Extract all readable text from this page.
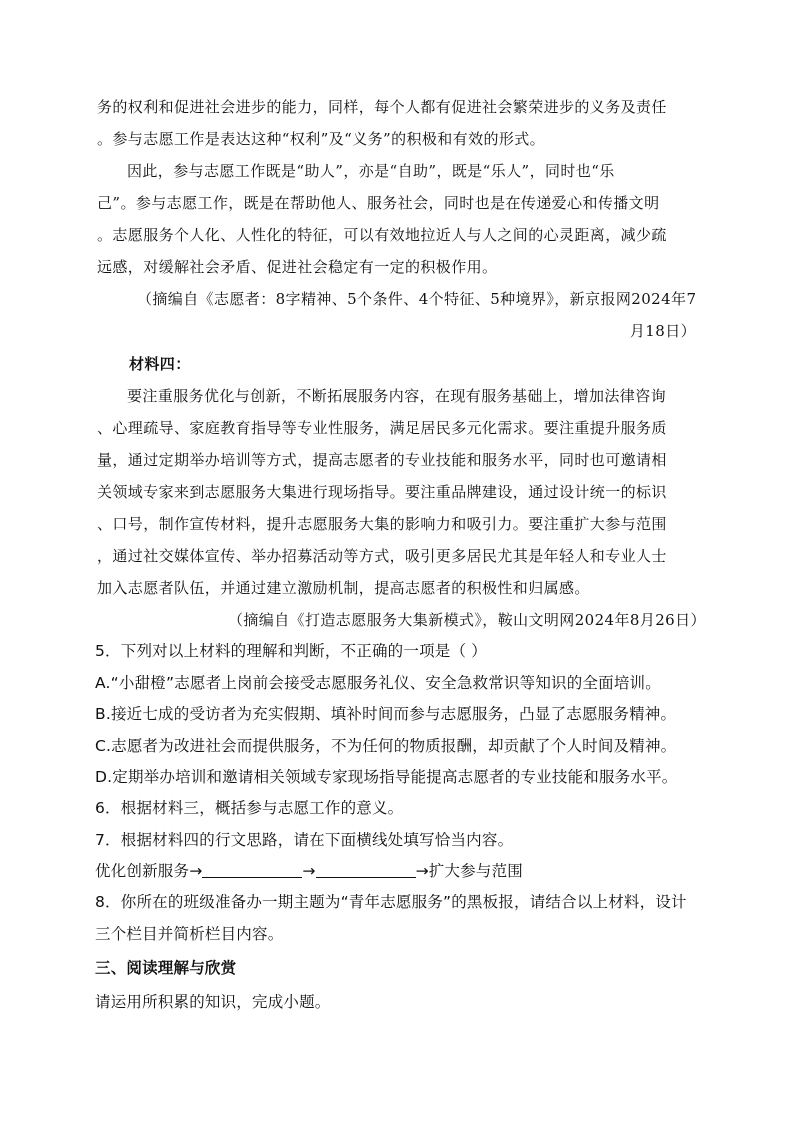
务的权利和促进社会进步的能力，同样，每个人都有促进社会繁荣进步的义务及责任
。参与志愿工作是表达这种“权利”及“义务”的积极和有效的形式。
因此，参与志愿工作既是“助人”，亦是“自助”，既是“乐人”，同时也“乐
己”。参与志愿工作，既是在帮助他人、服务社会，同时也是在传递爱心和传播文明
。志愿服务个人化、人性化的特征，可以有效地拉近人与人之间的心灵距离，减少疏
远感，对缓解社会矛盾、促进社会稳定有一定的积极作用。
（摘编自《志愿者：8字精神、5个条件、4个特征、5种境界》，新京报网2024年7
月18日）
材料四：
要注重服务优化与创新，不断拓展服务内容，在现有服务基础上，增加法律咨询
、心理疏导、家庭教育指导等专业性服务，满足居民多元化需求。要注重提升服务质
量，通过定期举办培训等方式，提高志愿者的专业技能和服务水平，同时也可邀请相
关领域专家来到志愿服务大集进行现场指导。要注重品牌建设，通过设计统一的标识
、口号，制作宣传材料，提升志愿服务大集的影响力和吸引力。要注重扩大参与范围
，通过社交媒体宣传、举办招募活动等方式，吸引更多居民尤其是年轻人和专业人士
加入志愿者队伍，并通过建立激励机制，提高志愿者的积极性和归属感。
（摘编自《打造志愿服务大集新模式》，鞍山文明网2024年8月26日）
5．下列对以上材料的理解和判断，不正确的一项是（ ）
A.“小甜橙”志愿者上岗前会接受志愿服务礼仪、安全急救常识等知识的全面培训。
B.接近七成的受访者为充实假期、填补时间而参与志愿服务，凸显了志愿服务精神。
C.志愿者为改进社会而提供服务，不为任何的物质报酬，却贡献了个人时间及精神。
D.定期举办培训和邀请相关领域专家现场指导能提高志愿者的专业技能和服务水平。
6．根据材料三，概括参与志愿工作的意义。
7．根据材料四的行文思路，请在下面横线处填写恰当内容。
优化创新服务→	→	→扩大参与范围
8．你所在的班级准备办一期主题为“青年志愿服务”的黑板报，请结合以上材料，设计
三个栏目并简析栏目内容。
三、阅读理解与欣赏
请运用所积累的知识，完成小题。
